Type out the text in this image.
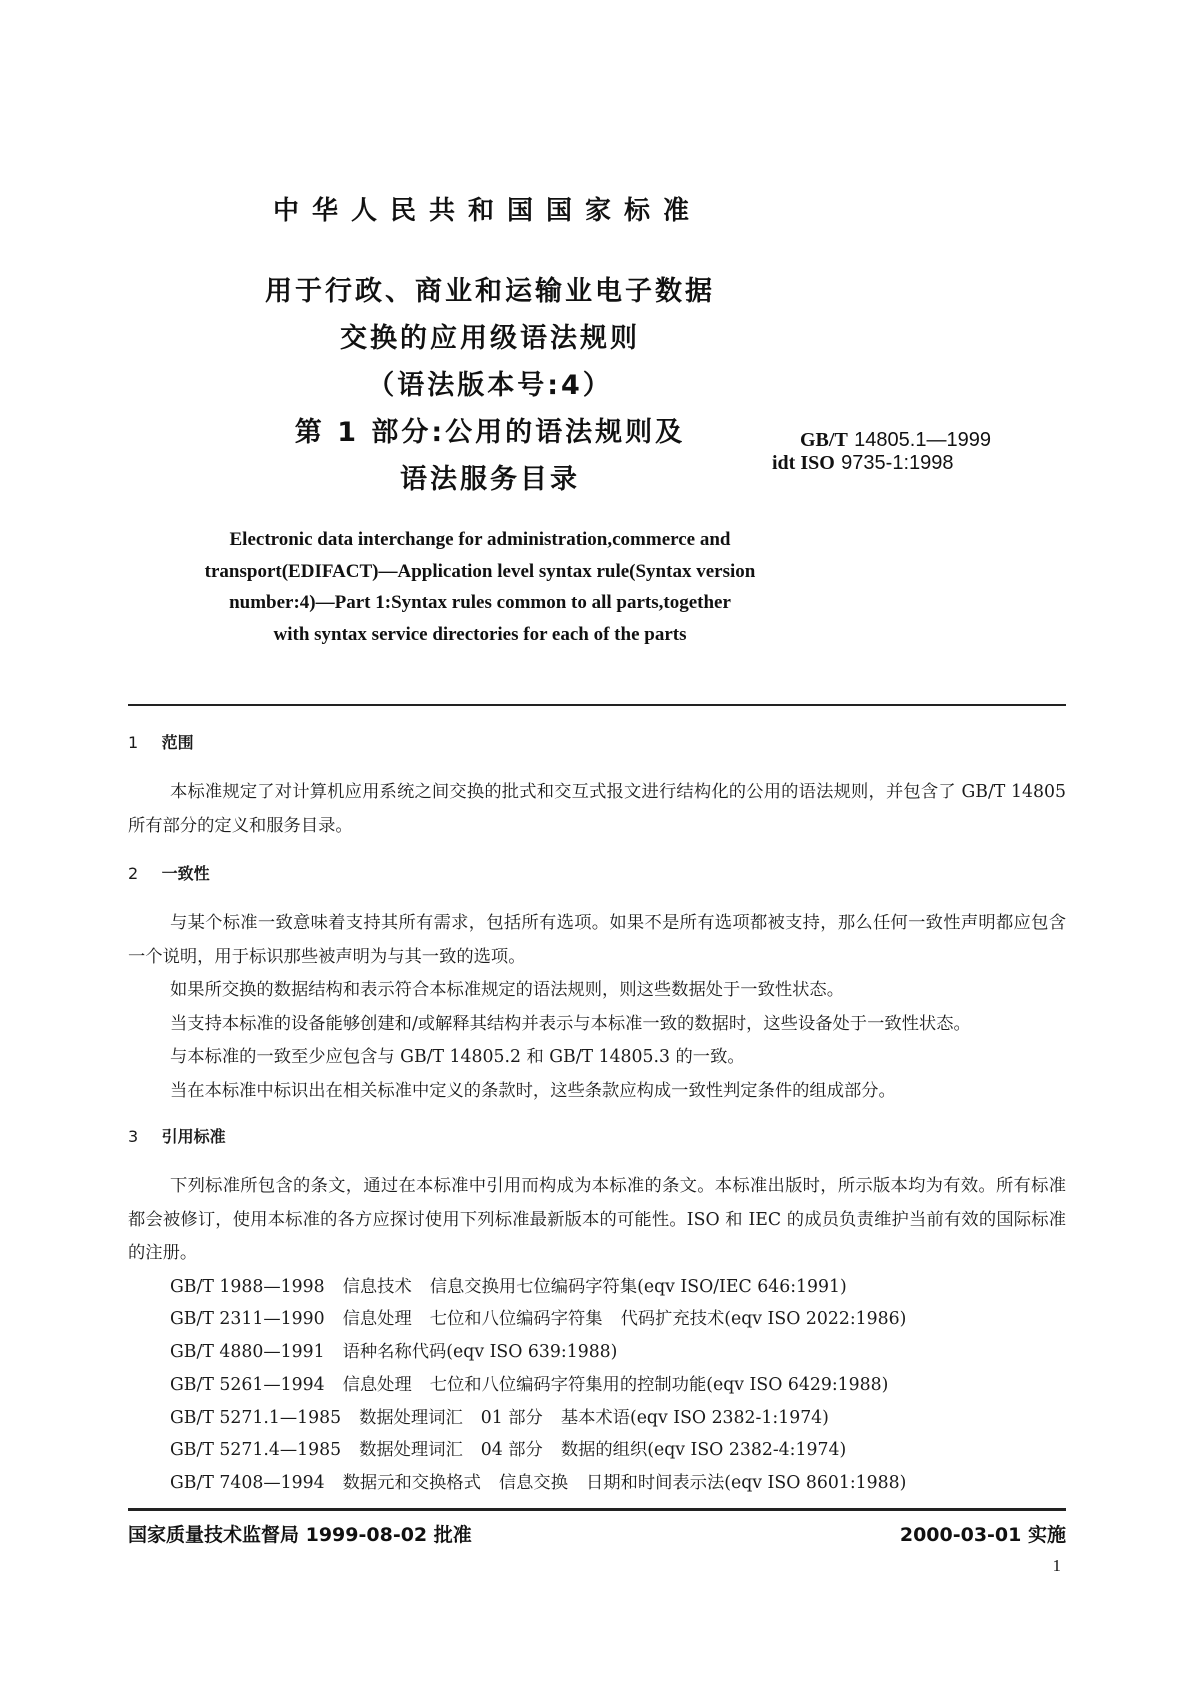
中华人民共和国国家标准
用于行政、商业和运输业电子数据
交换的应用级语法规则
（语法版本号:4）
第 1 部分:公用的语法规则及
语法服务目录
GB/T 14805.1—1999
idt ISO 9735-1:1998
Electronic data interchange for administration,commerce and
transport(EDIFACT)—Application level syntax rule(Syntax version
number:4)—Part 1:Syntax rules common to all parts,together
with syntax service directories for each of the parts
1 范围
本标准规定了对计算机应用系统之间交换的批式和交互式报文进行结构化的公用的语法规则，并包含了 GB/T 14805 所有部分的定义和服务目录。
2 一致性
与某个标准一致意味着支持其所有需求，包括所有选项。如果不是所有选项都被支持，那么任何一致性声明都应包含一个说明，用于标识那些被声明为与其一致的选项。
如果所交换的数据结构和表示符合本标准规定的语法规则，则这些数据处于一致性状态。
当支持本标准的设备能够创建和/或解释其结构并表示与本标准一致的数据时，这些设备处于一致性状态。
与本标准的一致至少应包含与 GB/T 14805.2 和 GB/T 14805.3 的一致。
当在本标准中标识出在相关标准中定义的条款时，这些条款应构成一致性判定条件的组成部分。
3 引用标准
下列标准所包含的条文，通过在本标准中引用而构成为本标准的条文。本标准出版时，所示版本均为有效。所有标准都会被修订，使用本标准的各方应探讨使用下列标准最新版本的可能性。ISO 和 IEC 的成员负责维护当前有效的国际标准的注册。
GB/T 1988—1998 信息技术 信息交换用七位编码字符集(eqv ISO/IEC 646:1991)
GB/T 2311—1990 信息处理 七位和八位编码字符集 代码扩充技术(eqv ISO 2022:1986)
GB/T 4880—1991 语种名称代码(eqv ISO 639:1988)
GB/T 5261—1994 信息处理 七位和八位编码字符集用的控制功能(eqv ISO 6429:1988)
GB/T 5271.1—1985 数据处理词汇 01 部分 基本术语(eqv ISO 2382-1:1974)
GB/T 5271.4—1985 数据处理词汇 04 部分 数据的组织(eqv ISO 2382-4:1974)
GB/T 7408—1994 数据元和交换格式 信息交换 日期和时间表示法(eqv ISO 8601:1988)
国家质量技术监督局 1999-08-02 批准	2000-03-01 实施
1
